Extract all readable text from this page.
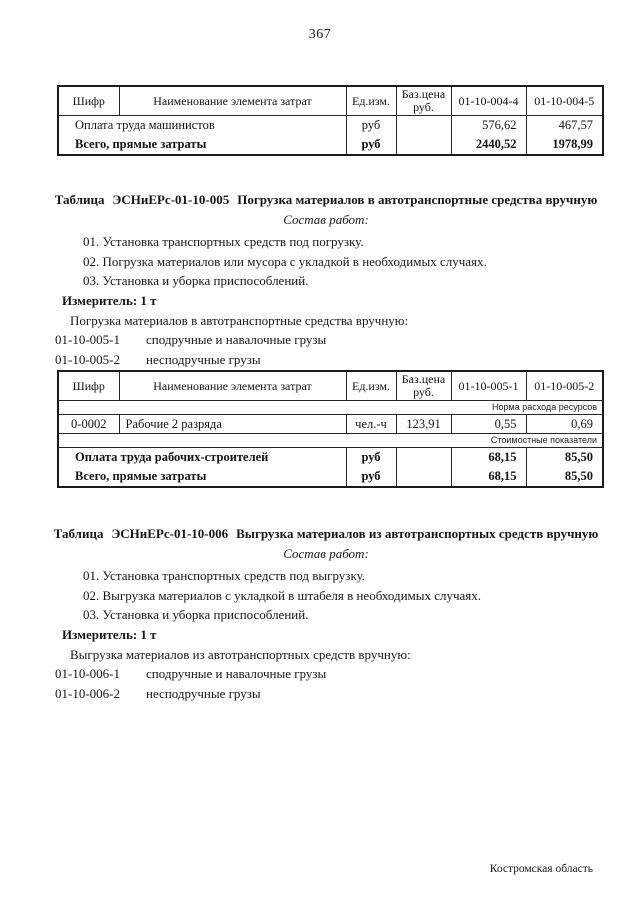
367
Шифр	Наименование элемента затрат	Ед.изм.	Баз.цена руб.	01-10-004-4	01-10-004-5
Оплата труда машинистов		руб		576,62	467,57
Всего, прямые затраты		руб		2440,52	1978,99
Таблица ЭСНиЕРс-01-10-005 Погрузка материалов в автотранспортные средства вручную
Состав работ:
01. Установка транспортных средств под погрузку.
02. Погрузка материалов или мусора с укладкой в необходимых случаях.
03. Установка и уборка приспособлений.
Измеритель: 1 т
Погрузка материалов в автотранспортные средства вручную:
01-10-005-1 сподручные и навалочные грузы
01-10-005-2 несподручные грузы
Шифр	Наименование элемента затрат	Ед.изм.	Баз.цена руб.	01-10-005-1	01-10-005-2
Норма расхода ресурсов					
0-0002	Рабочие 2 разряда	чел.-ч	123,91	0,55	0,69
Стоимостные показатели					
Оплата труда рабочих-строителей		руб		68,15	85,50
Всего, прямые затраты		руб		68,15	85,50
Таблица ЭСНиЕРс-01-10-006 Выгрузка материалов из автотранспортных средств вручную
Состав работ:
01. Установка транспортных средств под выгрузку.
02. Выгрузка материалов с укладкой в штабеля в необходимых случаях.
03. Установка и уборка приспособлений.
Измеритель: 1 т
Выгрузка материалов из автотранспортных средств вручную:
01-10-006-1 сподручные и навалочные грузы
01-10-006-2 несподручные грузы
Костромская область
